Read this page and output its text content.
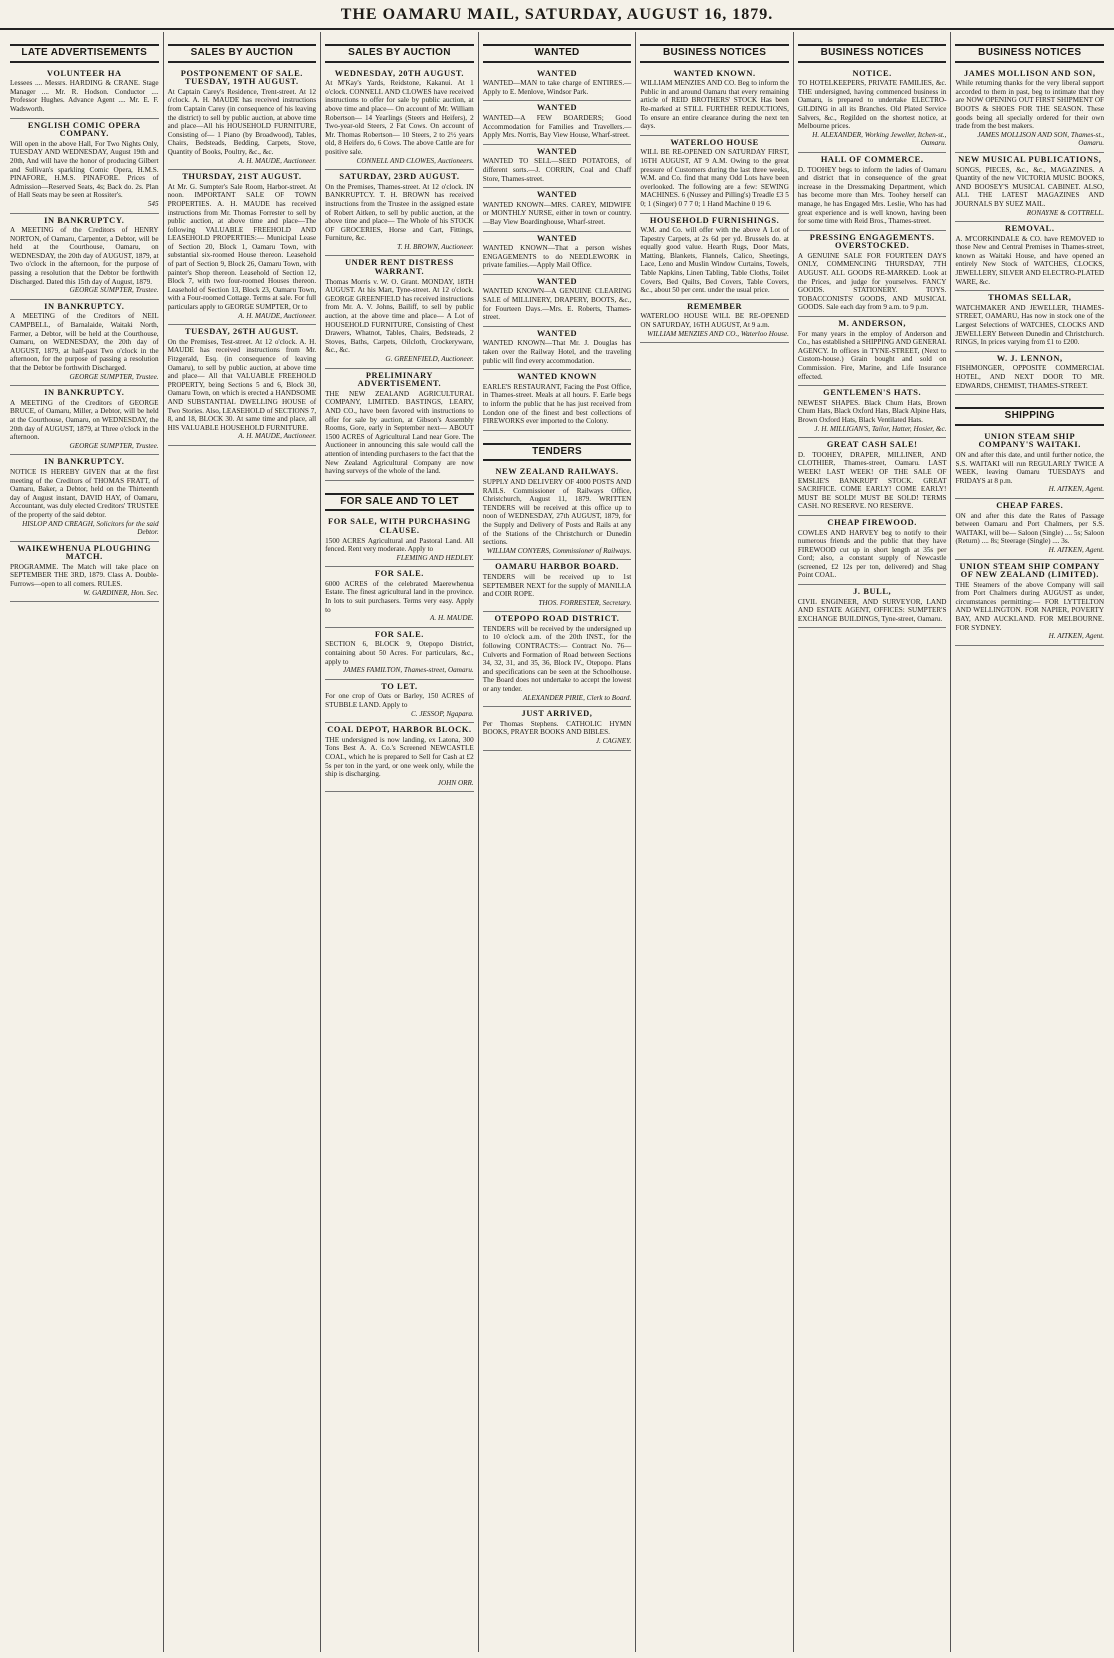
THE OAMARU MAIL, SATURDAY, AUGUST 16, 1879.
LATE ADVERTISEMENTS
VOLUNTEER HA
Lessees .... Messrs. HARDING & CRANE. Stage Manager .... Mr. R. Hodson. Conductor .... Professor Hughes. Advance Agent .... Mr. E. F. Wadsworth.
ENGLISH COMIC OPERA COMPANY.
Will open in the above Hall, For Two Nights Only, TUESDAY AND WEDNESDAY, August 19th and 20th, And will have the honor of producing Gilbert and Sullivan's sparkling Comic Opera, H.M.S. PINAFORE, H.M.S. PINAFORE. Prices of Admission—Reserved Seats, 4s; Back do. 2s. Plan of Hall Seats may be seen at Rossiter's.
545
IN BANKRUPTCY.
A MEETING of the Creditors of HENRY NORTON, of Oamaru, Carpenter, a Debtor, will be held at the Courthouse, Oamaru, on WEDNESDAY, the 20th day of AUGUST, 1879, at Two o'clock in the afternoon, for the purpose of passing a resolution that the Debtor be forthwith Discharged. Dated this 15th day of August, 1879.
GEORGE SUMPTER, Trustee.
IN BANKRUPTCY.
A MEETING of the Creditors of NEIL CAMPBELL, of Barnalaide, Waitaki North, Farmer, a Debtor, will be held at the Courthouse, Oamaru, on WEDNESDAY, the 20th day of AUGUST, 1879, at half-past Two o'clock in the afternoon, for the purpose of passing a resolution that the Debtor be forthwith Discharged.
GEORGE SUMPTER, Trustee.
IN BANKRUPTCY.
A MEETING of the Creditors of GEORGE BRUCE, of Oamaru, Miller, a Debtor, will be held at the Courthouse, Oamaru, on WEDNESDAY, the 20th day of AUGUST, 1879, at Three o'clock in the afternoon.
GEORGE SUMPTER, Trustee.
IN BANKRUPTCY.
NOTICE IS HEREBY GIVEN that at the first meeting of the Creditors of THOMAS FRATT, of Oamaru, Baker, a Debtor, held on the Thirteenth day of August instant, DAVID HAY, of Oamaru, Accountant, was duly elected Creditors' TRUSTEE of the property of the said debtor.
HISLOP AND CREAGH, Solicitors for the said Debtor.
WAIKEWHENUA PLOUGHING MATCH.
PROGRAMME. The Match will take place on SEPTEMBER THE 3RD, 1879. Class A. Double-Furrows—open to all comers. RULES.
W. GARDINER, Hon. Sec.
SALES BY AUCTION
POSTPONEMENT OF SALE. TUESDAY, 19TH AUGUST.
At Captain Carey's Residence, Trent-street. At 12 o'clock. A. H. MAUDE has received instructions from Captain Carey (in consequence of his leaving the district) to sell by public auction, at above time and place—All his HOUSEHOLD FURNITURE, Consisting of— 1 Piano (by Broadwood), Tables, Chairs, Bedsteads, Bedding, Carpets, Stove, Quantity of Books, Poultry, &c., &c.
A. H. MAUDE, Auctioneer.
THURSDAY, 21ST AUGUST.
At Mr. G. Sumpter's Sale Room, Harbor-street. At noon. IMPORTANT SALE OF TOWN PROPERTIES. A. H. MAUDE has received instructions from Mr. Thomas Forrester to sell by public auction, at above time and place—The following VALUABLE FREEHOLD AND LEASEHOLD PROPERTIES:— Municipal Lease of Section 20, Block 1, Oamaru Town, with substantial six-roomed House thereon. Leasehold of part of Section 9, Block 26, Oamaru Town, with painter's Shop thereon. Leasehold of Section 12, Block 7, with two four-roomed Houses thereon. Leasehold of Section 13, Block 23, Oamaru Town, with a Four-roomed Cottage. Terms at sale. For full particulars apply to GEORGE SUMPTER, Or to
A. H. MAUDE, Auctioneer.
TUESDAY, 26TH AUGUST.
On the Premises, Test-street. At 12 o'clock. A. H. MAUDE has received instructions from Mr. Fitzgerald, Esq. (in consequence of leaving Oamaru), to sell by public auction, at above time and place— All that VALUABLE FREEHOLD PROPERTY, being Sections 5 and 6, Block 30, Oamaru Town, on which is erected a HANDSOME AND SUBSTANTIAL DWELLING HOUSE of Two Stories. Also, LEASEHOLD of SECTIONS 7, 8, and 18, BLOCK 30. At same time and place, all HIS VALUABLE HOUSEHOLD FURNITURE.
A. H. MAUDE, Auctioneer.
SALES BY AUCTION
WEDNESDAY, 20TH AUGUST.
At M'Kay's Yards, Reidstone, Kakanui. At 1 o'clock. CONNELL AND CLOWES have received instructions to offer for sale by public auction, at above time and place— On account of Mr. William Robertson— 14 Yearlings (Steers and Heifers), 2 Two-year-old Steers, 2 Fat Cows. On account of Mr. Thomas Robertson— 10 Steers, 2 to 2½ years old, 8 Heifers do, 6 Cows. The above Cattle are for positive sale.
CONNELL AND CLOWES, Auctioneers.
SATURDAY, 23RD AUGUST.
On the Premises, Thames-street. At 12 o'clock. IN BANKRUPTCY. T. H. BROWN has received instructions from the Trustee in the assigned estate of Robert Aitken, to sell by public auction, at the above time and place— The Whole of his STOCK OF GROCERIES, Horse and Cart, Fittings, Furniture, &c.
T. H. BROWN, Auctioneer.
UNDER RENT DISTRESS WARRANT.
Thomas Morris v. W. O. Grant. MONDAY, 18TH AUGUST. At his Mart, Tyne-street. At 12 o'clock. GEORGE GREENFIELD has received instructions from Mr. A. V. Johns, Bailiff, to sell by public auction, at the above time and place— A Lot of HOUSEHOLD FURNITURE, Consisting of Chest Drawers, Whatnot, Tables, Chairs, Bedsteads, 2 Stoves, Baths, Carpets, Oilcloth, Crockeryware, &c., &c.
G. GREENFIELD, Auctioneer.
PRELIMINARY ADVERTISEMENT.
THE NEW ZEALAND AGRICULTURAL COMPANY, LIMITED. BASTINGS, LEARY, AND CO., have been favored with instructions to offer for sale by auction, at Gibson's Assembly Rooms, Gore, early in September next— ABOUT 1500 ACRES of Agricultural Land near Gore. The Auctioneer in announcing this sale would call the attention of intending purchasers to the fact that the New Zealand Agricultural Company are now having surveys of the whole of the land.
FOR SALE AND TO LET
FOR SALE, WITH PURCHASING CLAUSE.
1500 ACRES Agricultural and Pastoral Land. All fenced. Rent very moderate. Apply to
FLEMING AND HEDLEY.
FOR SALE.
6000 ACRES of the celebrated Maerewhenua Estate. The finest agricultural land in the province. In lots to suit purchasers. Terms very easy. Apply to
A. H. MAUDE.
FOR SALE.
SECTION 6, BLOCK 9, Otepopo District, containing about 50 Acres. For particulars, &c., apply to
JAMES FAMILTON, Thames-street, Oamaru.
TO LET.
For one crop of Oats or Barley, 150 ACRES of STUBBLE LAND. Apply to
C. JESSOP, Ngapara.
COAL DEPOT, HARBOR BLOCK.
THE undersigned is now landing, ex Latona, 300 Tons Best A. A. Co.'s Screened NEWCASTLE COAL, which he is prepared to Sell for Cash at £2 5s per ton in the yard, or one week only, while the ship is discharging.
JOHN ORR.
WANTED
WANTED
WANTED—MAN to take charge of ENTIRES.—Apply to E. Menlove, Windsor Park.
WANTED
WANTED—A FEW BOARDERS; Good Accommodation for Families and Travellers.—Apply Mrs. Norris, Bay View House, Wharf-street.
WANTED
WANTED TO SELL—SEED POTATOES, of different sorts.—J. CORRIN, Coal and Chaff Store, Thames-street.
WANTED
WANTED KNOWN—MRS. CAREY, MIDWIFE or MONTHLY NURSE, either in town or country.—Bay View Boardinghouse, Wharf-street.
WANTED
WANTED KNOWN—That a person wishes ENGAGEMENTS to do NEEDLEWORK in private families.—Apply Mail Office.
WANTED
WANTED KNOWN—A GENUINE CLEARING SALE of MILLINERY, DRAPERY, BOOTS, &c., for Fourteen Days.—Mrs. E. Roberts, Thames-street.
WANTED
WANTED KNOWN—That Mr. J. Douglas has taken over the Railway Hotel, and the traveling public will find every accommodation.
WANTED KNOWN
EARLE'S RESTAURANT, Facing the Post Office, in Thames-street. Meals at all hours. F. Earle begs to inform the public that he has just received from London one of the finest and best collections of FIREWORKS ever imported to the Colony.
TENDERS
NEW ZEALAND RAILWAYS.
SUPPLY AND DELIVERY OF 4000 POSTS AND RAILS. Commissioner of Railways Office, Christchurch, August 11, 1879. WRITTEN TENDERS will be received at this office up to noon of WEDNESDAY, 27th AUGUST, 1879, for the Supply and Delivery of Posts and Rails at any of the Stations of the Christchurch or Dunedin sections.
WILLIAM CONYERS, Commissioner of Railways.
OAMARU HARBOR BOARD.
TENDERS will be received up to 1st SEPTEMBER NEXT for the supply of MANILLA and COIR ROPE.
THOS. FORRESTER, Secretary.
OTEPOPO ROAD DISTRICT.
TENDERS will be received by the undersigned up to 10 o'clock a.m. of the 20th INST., for the following CONTRACTS:— Contract No. 76—Culverts and Formation of Road between Sections 34, 32, 31, and 35, 36, Block IV., Otepopo. Plans and specifications can be seen at the Schoolhouse. The Board does not undertake to accept the lowest or any tender.
ALEXANDER PIRIE, Clerk to Board.
JUST ARRIVED,
Per Thomas Stephens. CATHOLIC HYMN BOOKS, PRAYER BOOKS AND BIBLES.
J. CAGNEY.
BUSINESS NOTICES
WANTED KNOWN.
WILLIAM MENZIES AND CO. Beg to inform the Public in and around Oamaru that every remaining article of REID BROTHERS' STOCK Has been Re-marked at STILL FURTHER REDUCTIONS, To ensure an entire clearance during the next ten days.
WATERLOO HOUSE
WILL BE RE-OPENED ON SATURDAY FIRST, 16TH AUGUST, AT 9 A.M. Owing to the great pressure of Customers during the last three weeks, W.M. and Co. find that many Odd Lots have been overlooked. The following are a few: SEWING MACHINES. 6 (Nussey and Pilling's) Treadle £3 5 0; 1 (Singer) 0 7 7 0; 1 Hand Machine 0 19 6.
HOUSEHOLD FURNISHINGS.
W.M. and Co. will offer with the above A Lot of Tapestry Carpets, at 2s 6d per yd. Brussels do. at equally good value. Hearth Rugs, Door Mats, Matting, Blankets, Flannels, Calico, Sheetings, Lace, Leno and Muslin Window Curtains, Towels, Table Napkins, Linen Tabling, Table Cloths, Toilet Covers, Bed Quilts, Bed Covers, Table Covers, &c., about 50 per cent. under the usual price.
REMEMBER
WATERLOO HOUSE WILL BE RE-OPENED ON SATURDAY, 16TH AUGUST, At 9 a.m.
WILLIAM MENZIES AND CO., Waterloo House.
BUSINESS NOTICES
NOTICE.
TO HOTELKEEPERS, PRIVATE FAMILIES, &c. THE undersigned, having commenced business in Oamaru, is prepared to undertake ELECTRO-GILDING in all its Branches. Old Plated Service Salvers, &c., Regilded on the shortest notice, at Melbourne prices.
H. ALEXANDER, Working Jeweller, Itchen-st., Oamaru.
HALL OF COMMERCE.
D. TOOHEY begs to inform the ladies of Oamaru and district that in consequence of the great increase in the Dressmaking Department, which has become more than Mrs. Toohey herself can manage, he has Engaged Mrs. Leslie, Who has had great experience and is well known, having been for some time with Reid Bros., Thames-street.
PRESSING ENGAGEMENTS. OVERSTOCKED.
A GENUINE SALE FOR FOURTEEN DAYS ONLY, COMMENCING THURSDAY, 7TH AUGUST. ALL GOODS RE-MARKED. Look at the Prices, and judge for yourselves. FANCY GOODS. STATIONERY. TOYS. TOBACCONISTS' GOODS, AND MUSICAL GOODS. Sale each day from 9 a.m. to 9 p.m.
M. ANDERSON,
For many years in the employ of Anderson and Co., has established a SHIPPING AND GENERAL AGENCY. In offices in TYNE-STREET, (Next to Custom-house.) Grain bought and sold on Commission. Fire, Marine, and Life Insurance effected.
GENTLEMEN'S HATS.
NEWEST SHAPES. Black Chum Hats, Brown Chum Hats, Black Oxford Hats, Black Alpine Hats, Brown Oxford Hats, Black Ventilated Hats.
J. H. MILLIGAN'S, Tailor, Hatter, Hosier, &c.
GREAT CASH SALE!
D. TOOHEY, DRAPER, MILLINER, AND CLOTHIER, Thames-street, Oamaru. LAST WEEK! LAST WEEK! OF THE SALE OF EMSLIE'S BANKRUPT STOCK. GREAT SACRIFICE. COME EARLY! COME EARLY! MUST BE SOLD! MUST BE SOLD! TERMS CASH. NO RESERVE. NO RESERVE.
CHEAP FIREWOOD.
COWLES AND HARVEY beg to notify to their numerous friends and the public that they have FIREWOOD cut up in short length at 35s per Cord; also, a constant supply of Newcastle (screened, £2 12s per ton, delivered) and Shag Point COAL.
J. BULL,
CIVIL ENGINEER, AND SURVEYOR, LAND AND ESTATE AGENT, OFFICES: SUMPTER'S EXCHANGE BUILDINGS, Tyne-street, Oamaru.
BUSINESS NOTICES
JAMES MOLLISON AND SON,
While returning thanks for the very liberal support accorded to them in past, beg to intimate that they are NOW OPENING OUT FIRST SHIPMENT OF BOOTS & SHOES FOR THE SEASON. These goods being all specially ordered for their own trade from the best makers.
JAMES MOLLISON AND SON, Thames-st., Oamaru.
NEW MUSICAL PUBLICATIONS,
SONGS, PIECES, &c., &c., MAGAZINES. A Quantity of the new VICTORIA MUSIC BOOKS, AND BOOSEY'S MUSICAL CABINET. ALSO, ALL THE LATEST MAGAZINES AND JOURNALS BY SUEZ MAIL.
RONAYNE & COTTRELL.
REMOVAL.
A. M'CORKINDALE & CO. have REMOVED to those New and Central Premises in Thames-street, known as Waitaki House, and have opened an entirely New Stock of WATCHES, CLOCKS, JEWELLERY, SILVER AND ELECTRO-PLATED WARE, &c.
THOMAS SELLAR,
WATCHMAKER AND JEWELLER, THAMES-STREET, OAMARU, Has now in stock one of the Largest Selections of WATCHES, CLOCKS AND JEWELLERY Between Dunedin and Christchurch. RINGS, In prices varying from £1 to £200.
W. J. LENNON,
FISHMONGER, OPPOSITE COMMERCIAL HOTEL, AND NEXT DOOR TO MR. EDWARDS, CHEMIST, THAMES-STREET.
SHIPPING
UNION STEAM SHIP COMPANY'S WAITAKI.
ON and after this date, and until further notice, the S.S. WAITAKI will run REGULARLY TWICE A WEEK, leaving Oamaru TUESDAYS and FRIDAYS at 8 p.m.
H. AITKEN, Agent.
CHEAP FARES.
ON and after this date the Rates of Passage between Oamaru and Port Chalmers, per S.S. WAITAKI, will be— Saloon (Single) .... 5s; Saloon (Return) .... 8s; Steerage (Single) .... 3s.
H. AITKEN, Agent.
UNION STEAM SHIP COMPANY OF NEW ZEALAND (LIMITED).
THE Steamers of the above Company will sail from Port Chalmers during AUGUST as under, circumstances permitting:— FOR LYTTELTON AND WELLINGTON. FOR NAPIER, POVERTY BAY, AND AUCKLAND. FOR MELBOURNE. FOR SYDNEY.
H. AITKEN, Agent.
